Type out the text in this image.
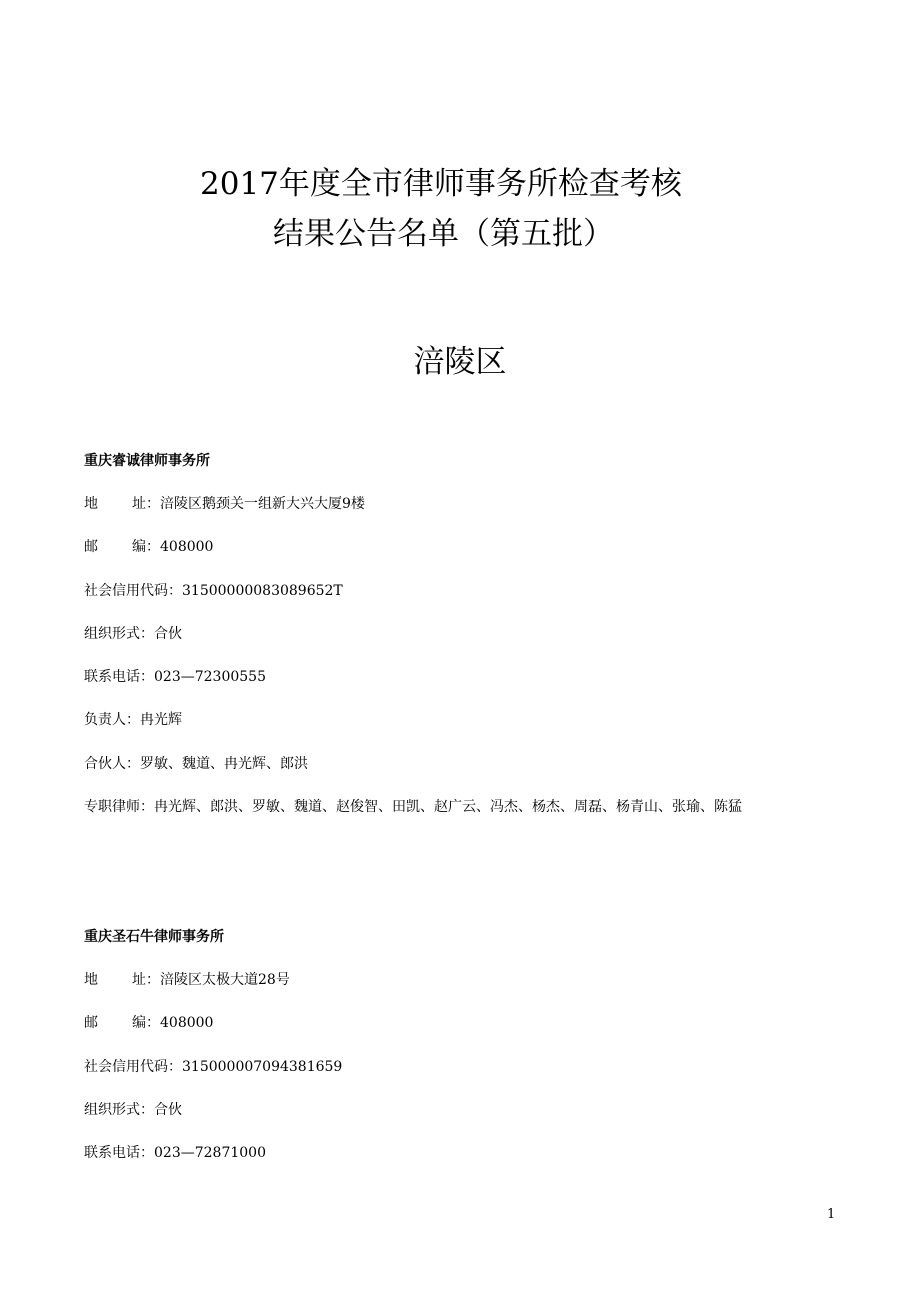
2017年度全市律师事务所检查考核
结果公告名单（第五批）
涪陵区
重庆睿诚律师事务所
地　址：涪陵区鹅颈关一组新大兴大厦9楼
邮　编：408000
社会信用代码：31500000083089652T
组织形式：合伙
联系电话：023—72300555
负责人：冉光辉
合伙人：罗敏、魏道、冉光辉、郎洪
专职律师：冉光辉、郎洪、罗敏、魏道、赵俊智、田凯、赵广云、冯杰、杨杰、周磊、杨青山、张瑜、陈猛
重庆圣石牛律师事务所
地　址：涪陵区太极大道28号
邮　编：408000
社会信用代码：315000007094381659
组织形式：合伙
联系电话：023—72871000
1
